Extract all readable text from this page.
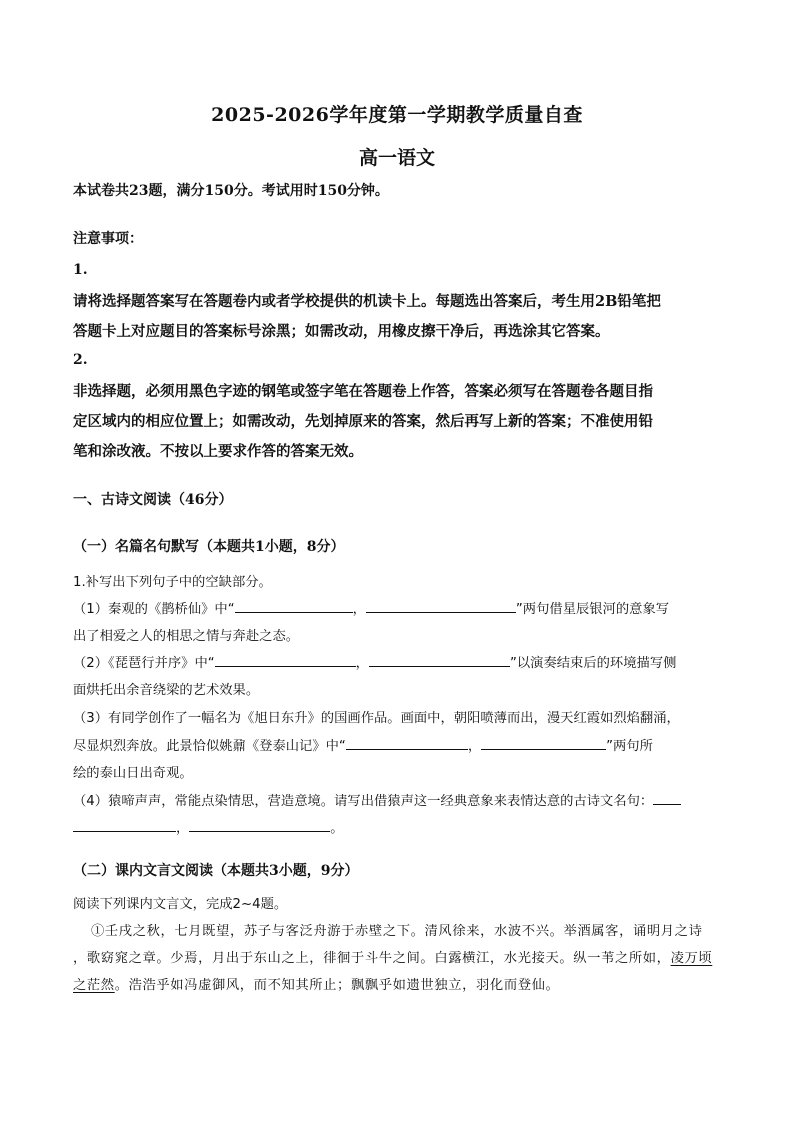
2025-2026学年度第一学期教学质量自查
高一语文
本试卷共23题，满分150分。考试用时150分钟。
注意事项：
1.
请将选择题答案写在答题卷内或者学校提供的机读卡上。每题选出答案后，考生用2B铅笔把
答题卡上对应题目的答案标号涂黑；如需改动，用橡皮擦干净后，再选涂其它答案。
2.
非选择题，必须用黑色字迹的钢笔或签字笔在答题卷上作答，答案必须写在答题卷各题目指
定区域内的相应位置上；如需改动，先划掉原来的答案，然后再写上新的答案；不准使用铅
笔和涂改液。不按以上要求作答的答案无效。
一、古诗文阅读（46分）
（一）名篇名句默写（本题共1小题，8分）
1.补写出下列句子中的空缺部分。
（1）秦观的《鹊桥仙》中“	，	”两句借星辰银河的意象写
出了相爱之人的相思之情与奔赴之态。
（2）《琵琶行并序》中“	，	”以演奏结束后的环境描写侧
面烘托出余音绕梁的艺术效果。
（3）有同学创作了一幅名为《旭日东升》的国画作品。画面中，朝阳喷薄而出，漫天红霞如烈焰翻涌，
尽显炽烈奔放。此景恰似姚鼐《登泰山记》中“	，	”两句所
绘的泰山日出奇观。
（4）猿啼声声，常能点染情思，营造意境。请写出借猿声这一经典意象来表情达意的古诗文名句：
，	。
（二）课内文言文阅读（本题共3小题，9分）
阅读下列课内文言文，完成2~4题。
①壬戌之秋，七月既望，苏子与客泛舟游于赤壁之下。清风徐来，水波不兴。举酒属客，诵明月之诗
，歌窈窕之章。少焉，月出于东山之上，徘徊于斗牛之间。白露横江，水光接天。纵一苇之所如，凌万顷
之茫然。浩浩乎如冯虚御风，而不知其所止；飘飘乎如遗世独立，羽化而登仙。
